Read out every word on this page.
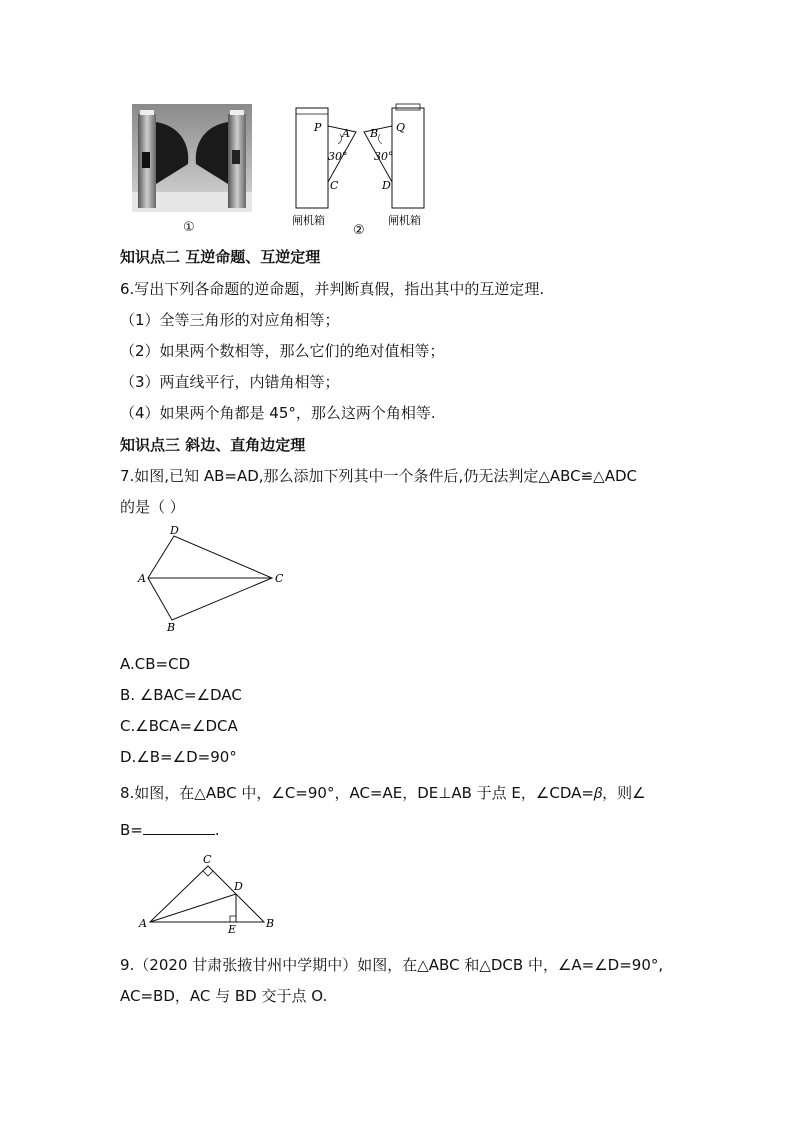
①
P A
30°
C
Q
B
30°
D
闸机箱	闸机箱
②
知识点二 互逆命题、互逆定理
6.写出下列各命题的逆命题，并判断真假，指出其中的互逆定理.
（1）全等三角形的对应角相等；
（2）如果两个数相等，那么它们的绝对值相等；
（3）两直线平行，内错角相等；
（4）如果两个角都是 45°，那么这两个角相等.
知识点三 斜边、直角边定理
7.如图,已知 AB=AD,那么添加下列其中一个条件后,仍无法判定△ABC≌△ADC
的是（ ）
A
D
C
B
A.CB=CD
B. ∠BAC=∠DAC
C.∠BCA=∠DCA
D.∠B=∠D=90°
8.如图，在△ABC 中，∠C=90°，AC=AE，DE⊥AB 于点 E，∠CDA=𝛽，则∠
B=	.
A
C
D
E	B
9.（2020 甘肃张掖甘州中学期中）如图，在△ABC 和△DCB 中，∠A=∠D=90°,
AC=BD，AC 与 BD 交于点 O.
